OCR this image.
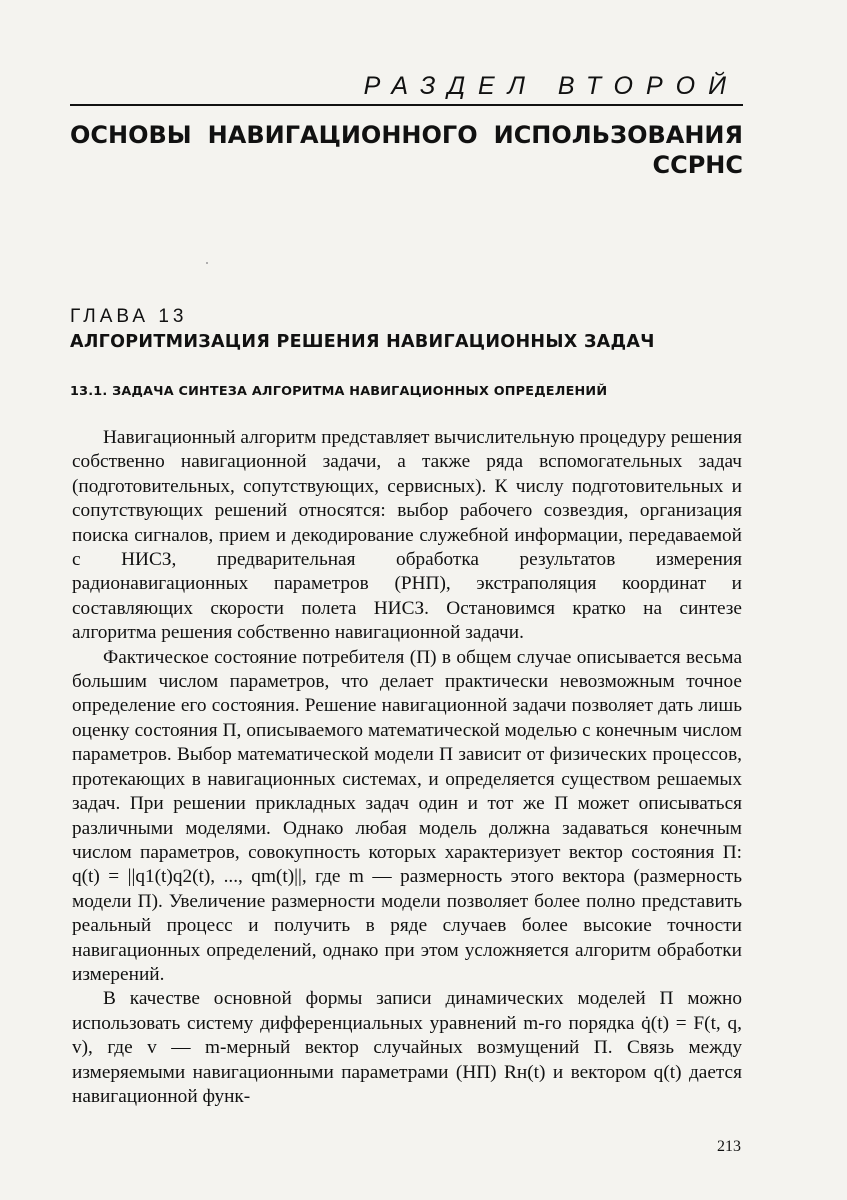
РАЗДЕЛ ВТОРОЙ
ОСНОВЫ НАВИГАЦИОННОГО ИСПОЛЬЗОВАНИЯ
ССРНС
ГЛАВА 13
АЛГОРИТМИЗАЦИЯ РЕШЕНИЯ НАВИГАЦИОННЫХ ЗАДАЧ
13.1. ЗАДАЧА СИНТЕЗА АЛГОРИТМА НАВИГАЦИОННЫХ ОПРЕДЕЛЕНИЙ

Навигационный алгоритм представляет вычислительную процедуру решения собственно навигационной задачи, а также ряда вспомогательных задач (подготовительных, сопутствующих, сервисных). К числу подготовительных и сопутствующих решений относятся: выбор рабочего созвездия, организация поиска сигналов, прием и декодирование служебной информации, передаваемой с НИСЗ, предварительная обработка результатов измерения радионавигационных параметров (РНП), экстраполяция координат и составляющих скорости полета НИСЗ. Остановимся кратко на синтезе алгоритма решения собственно навигационной задачи.

Фактическое состояние потребителя (П) в общем случае описывается весьма большим числом параметров, что делает практически невозможным точное определение его состояния. Решение навигационной задачи позволяет дать лишь оценку состояния П, описываемого математической моделью с конечным числом параметров. Выбор математической модели П зависит от физических процессов, протекающих в навигационных системах, и определяется существом решаемых задач. При решении прикладных задач один и тот же П может описываться различными моделями. Однако любая модель должна задаваться конечным числом параметров, совокупность которых характеризует вектор состояния П: q(t) = ||q1(t)q2(t), ..., qm(t)||, где m — размерность этого вектора (размерность модели П). Увеличение размерности модели позволяет более полно представить реальный процесс и получить в ряде случаев более высокие точности навигационных определений, однако при этом усложняется алгоритм обработки измерений.

В качестве основной формы записи динамических моделей П можно использовать систему дифференциальных уравнений m-го порядка q̇(t) = F(t, q, v), где v — m-мерный вектор случайных возмущений П. Связь между измеряемыми навигационными параметрами (НП) Rн(t) и вектором q(t) дается навигационной функ-

213
